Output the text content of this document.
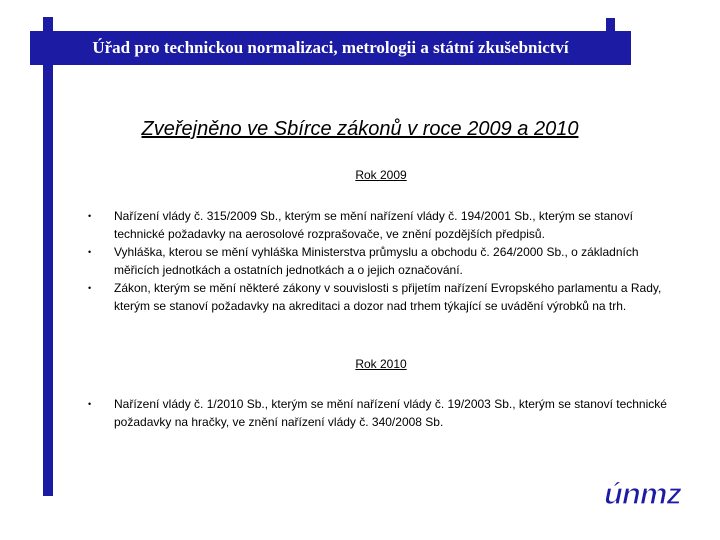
Úřad pro technickou normalizaci, metrologii a státní zkušebnictví
Zveřejněno ve Sbírce zákonů v roce 2009 a 2010
Rok 2009
• Nařízení vlády č. 315/2009 Sb., kterým se mění nařízení vlády č. 194/2001 Sb., kterým se stanoví technické požadavky na aerosolové rozprašovače, ve znění pozdějších předpisů.
• Vyhláška, kterou se mění vyhláška Ministerstva průmyslu a obchodu č. 264/2000 Sb., o základních měřicích jednotkách a ostatních jednotkách a o jejich označování.
• Zákon, kterým se mění některé zákony v souvislosti s přijetím nařízení Evropského parlamentu a Rady, kterým se stanoví požadavky na akreditaci a dozor nad trhem týkající se uvádění výrobků na trh.
Rok 2010
• Nařízení vlády č. 1/2010 Sb., kterým se mění nařízení vlády č. 19/2003 Sb., kterým se stanoví technické požadavky na hračky, ve znění nařízení vlády č. 340/2008 Sb.
únmz
